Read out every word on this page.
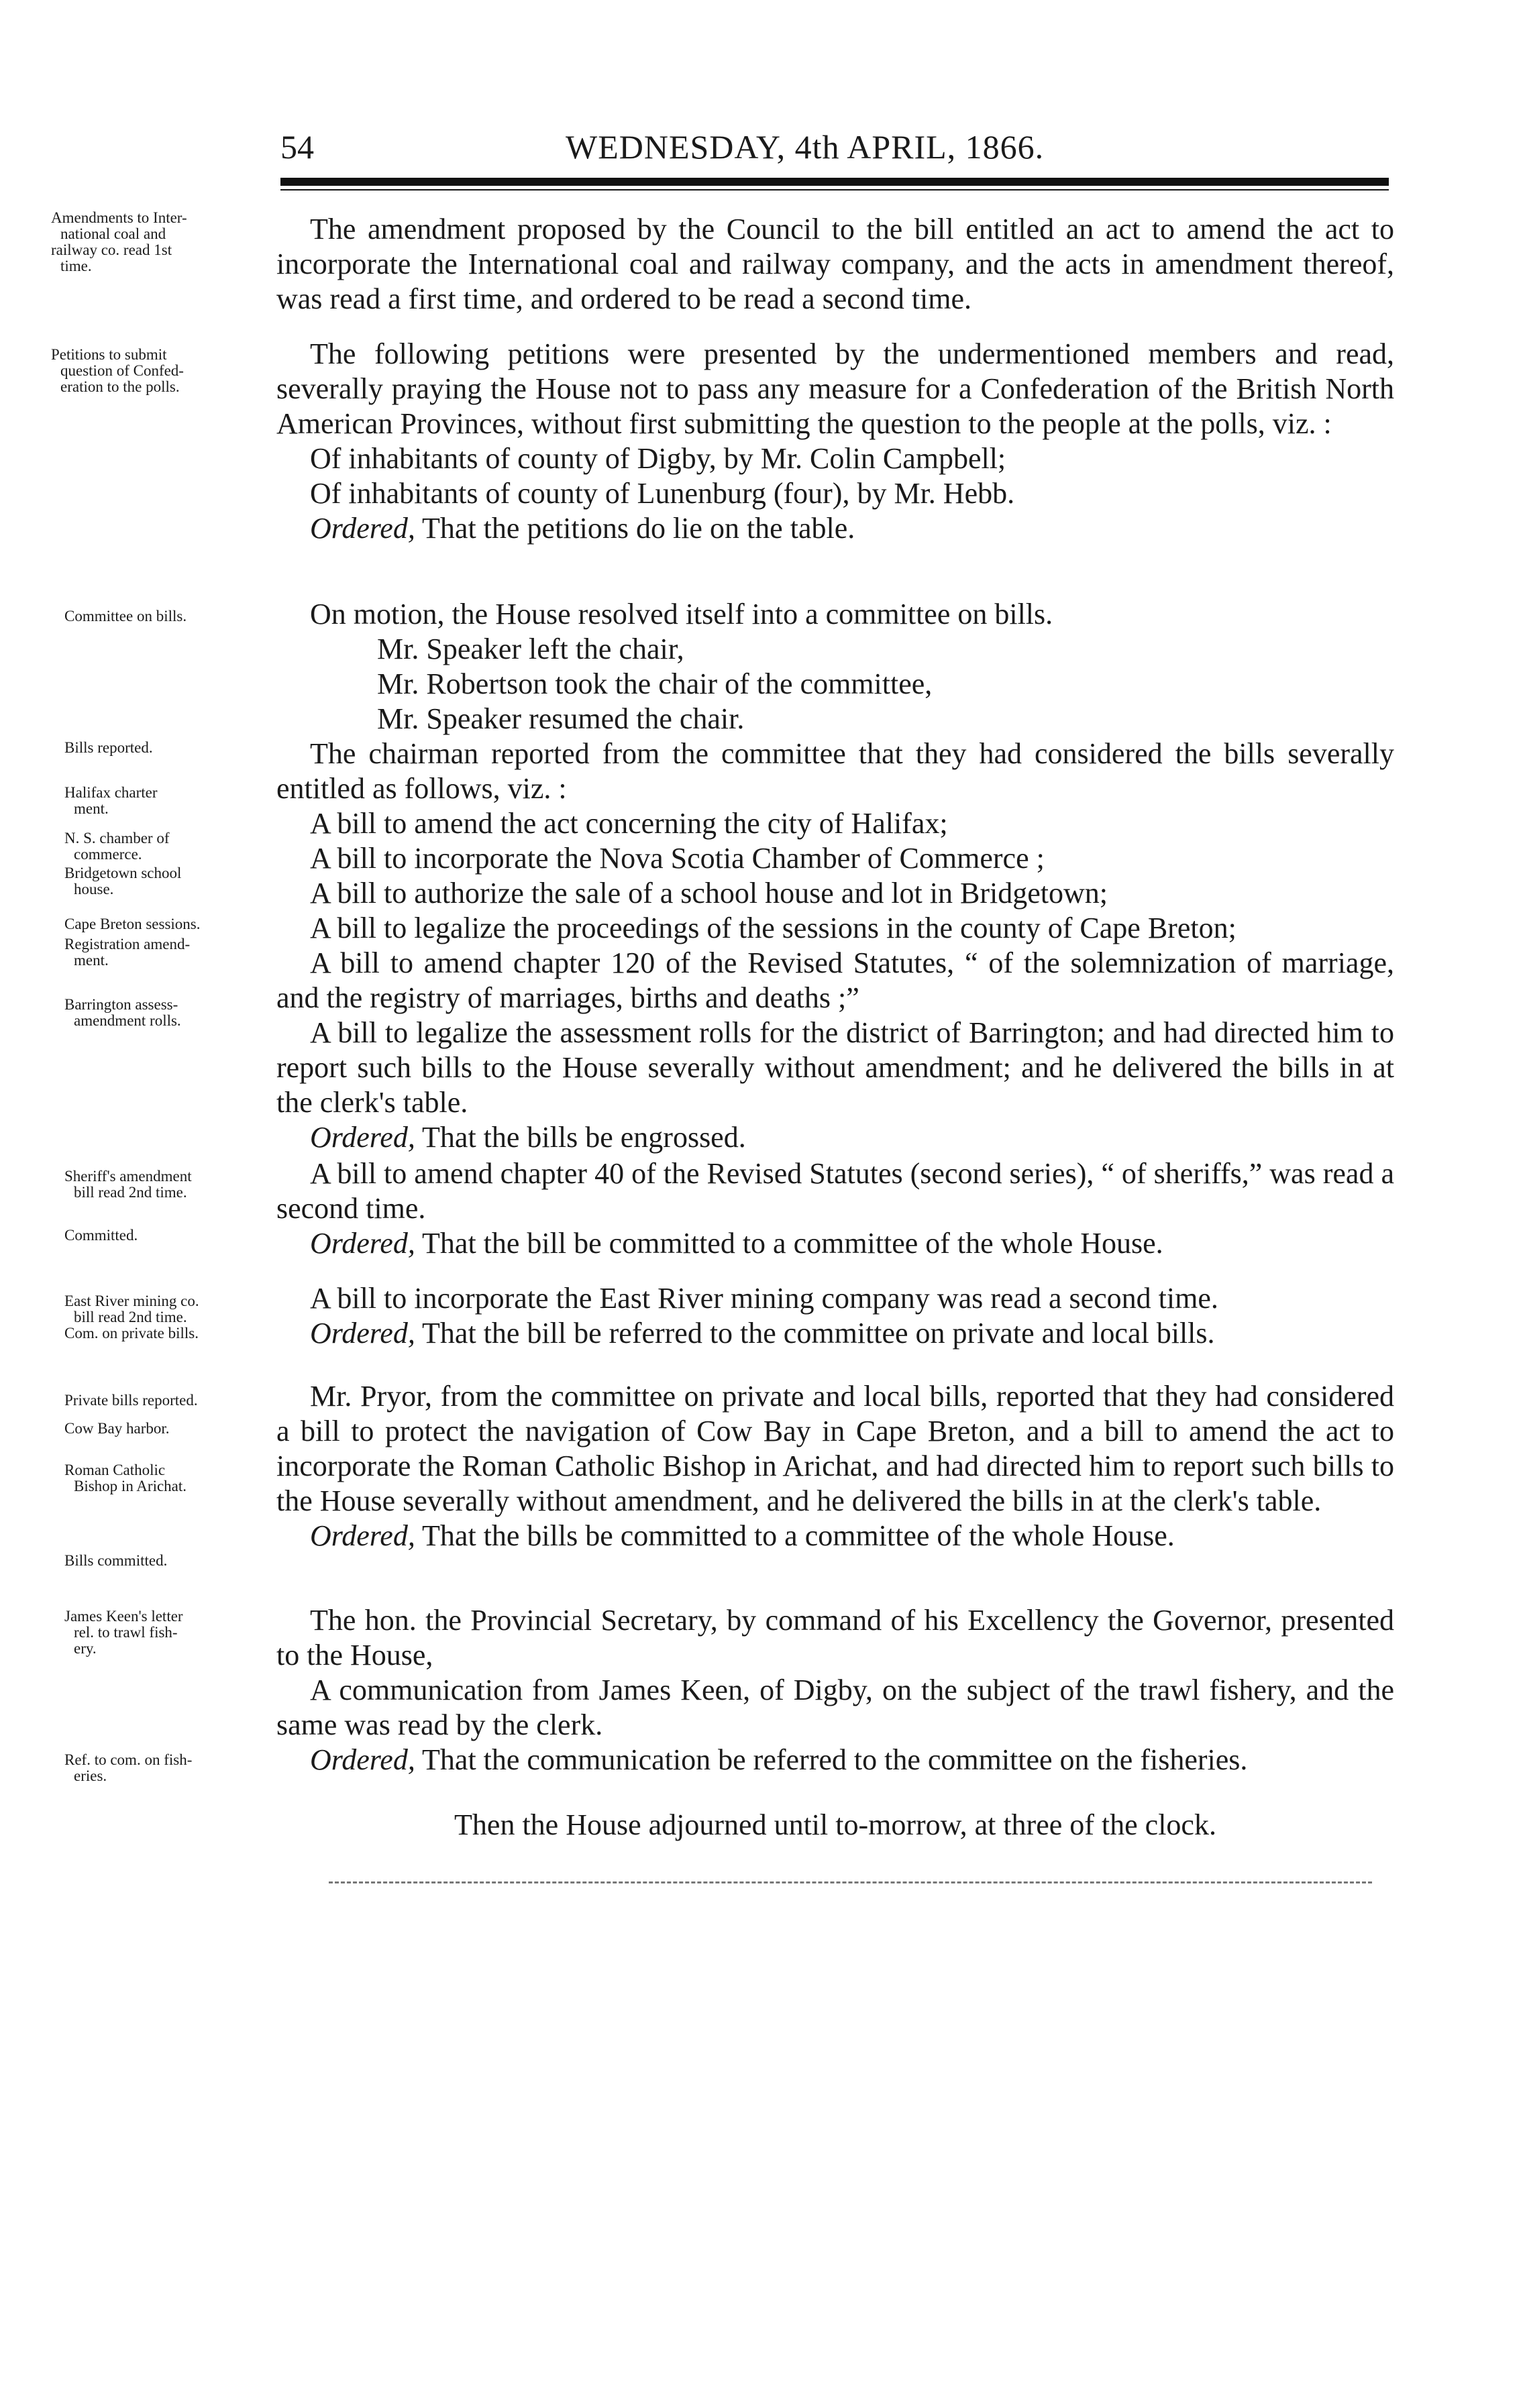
54	WEDNESDAY, 4th APRIL, 1866.

Amendments to Inter-

national coal and

railway co. read 1st

time.

Petitions to submit

question of Confed-

eration to the polls.

Committee on bills.
Bills reported.

Halifax charter

ment.

N. S. chamber of

commerce.

Bridgetown school

house.

Cape Breton sessions.

Registration amend-

ment.

Barrington assess-

amendment rolls.

Sheriff's amendment

bill read 2nd time.

Committed.

East River mining co.

bill read 2nd time.

Com. on private bills.

Private bills reported.
Cow Bay harbor.

Roman Catholic

Bishop in Arichat.

Bills committed.

James Keen's letter

rel. to trawl fish-

ery.

Ref. to com. on fish-

eries.

The amendment proposed by the Council to the bill entitled an act to amend the act to incorporate the International coal and railway company, and the acts in amendment thereof, was read a first time, and ordered to be read a second time.

The following petitions were presented by the undermentioned members and read, severally praying the House not to pass any measure for a Confederation of the British North American Provinces, without first submitting the question to the people at the polls, viz. :

Of inhabitants of county of Digby, by Mr. Colin Campbell;

Of inhabitants of county of Lunenburg (four), by Mr. Hebb.

Ordered, That the petitions do lie on the table.

On motion, the House resolved itself into a committee on bills.

Mr. Speaker left the chair,

Mr. Robertson took the chair of the committee,

Mr. Speaker resumed the chair.

The chairman reported from the committee that they had considered the bills severally entitled as follows, viz. :

A bill to amend the act concerning the city of Halifax;

A bill to incorporate the Nova Scotia Chamber of Commerce ;

A bill to authorize the sale of a school house and lot in Bridgetown;

A bill to legalize the proceedings of the sessions in the county of Cape Breton;

A bill to amend chapter 120 of the Revised Statutes, “ of the solemnization of marriage, and the registry of marriages, births and deaths ;”

A bill to legalize the assessment rolls for the district of Barrington; and had directed him to report such bills to the House severally without amendment; and he delivered the bills in at the clerk's table.

Ordered, That the bills be engrossed.

A bill to amend chapter 40 of the Revised Statutes (second series), “ of sheriffs,” was read a second time.

Ordered, That the bill be committed to a committee of the whole House.

A bill to incorporate the East River mining company was read a second time.

Ordered, That the bill be referred to the committee on private and local bills.

Mr. Pryor, from the committee on private and local bills, reported that they had considered a bill to protect the navigation of Cow Bay in Cape Breton, and a bill to amend the act to incorporate the Roman Catholic Bishop in Arichat, and had directed him to report such bills to the House severally without amendment, and he delivered the bills in at the clerk's table.

Ordered, That the bills be committed to a committee of the whole House.

The hon. the Provincial Secretary, by command of his Excellency the Governor, presented to the House,

A communication from James Keen, of Digby, on the subject of the trawl fishery, and the same was read by the clerk.

Ordered, That the communication be referred to the committee on the fisheries.

Then the House adjourned until to-morrow, at three of the clock.
